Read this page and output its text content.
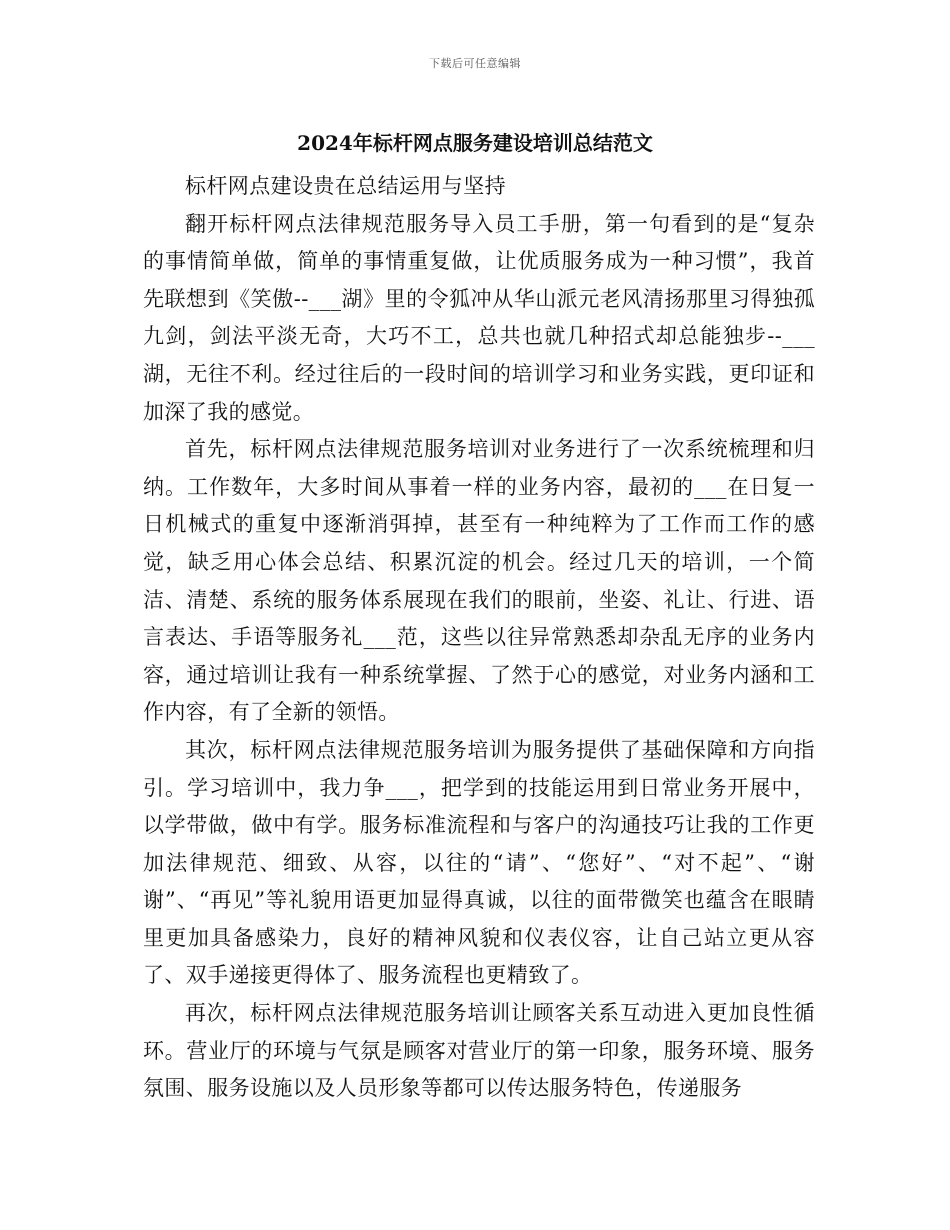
下载后可任意编辑
2024年标杆网点服务建设培训总结范文

标杆网点建设贵在总结运用与坚持

翻开标杆网点法律规范服务导入员工手册，第一句看到的是“复杂的事情简单做，简单的事情重复做，让优质服务成为一种习惯”，我首先联想到《笑傲--___湖》里的令狐冲从华山派元老风清扬那里习得独孤九剑，剑法平淡无奇，大巧不工，总共也就几种招式却总能独步--___湖，无往不利。经过往后的一段时间的培训学习和业务实践，更印证和加深了我的感觉。

首先，标杆网点法律规范服务培训对业务进行了一次系统梳理和归纳。工作数年，大多时间从事着一样的业务内容，最初的___在日复一日机械式的重复中逐渐消弭掉，甚至有一种纯粹为了工作而工作的感觉，缺乏用心体会总结、积累沉淀的机会。经过几天的培训，一个简洁、清楚、系统的服务体系展现在我们的眼前，坐姿、礼让、行进、语言表达、手语等服务礼___范，这些以往异常熟悉却杂乱无序的业务内容，通过培训让我有一种系统掌握、了然于心的感觉，对业务内涵和工作内容，有了全新的领悟。

其次，标杆网点法律规范服务培训为服务提供了基础保障和方向指引。学习培训中，我力争___，把学到的技能运用到日常业务开展中，以学带做，做中有学。服务标准流程和与客户的沟通技巧让我的工作更加法律规范、细致、从容，以往的“请”、“您好”、“对不起”、“谢谢”、“再见”等礼貌用语更加显得真诚，以往的面带微笑也蕴含在眼睛里更加具备感染力，良好的精神风貌和仪表仪容，让自己站立更从容了、双手递接更得体了、服务流程也更精致了。

再次，标杆网点法律规范服务培训让顾客关系互动进入更加良性循环。营业厅的环境与气氛是顾客对营业厅的第一印象，服务环境、服务氛围、服务设施以及人员形象等都可以传达服务特色，传递服务
